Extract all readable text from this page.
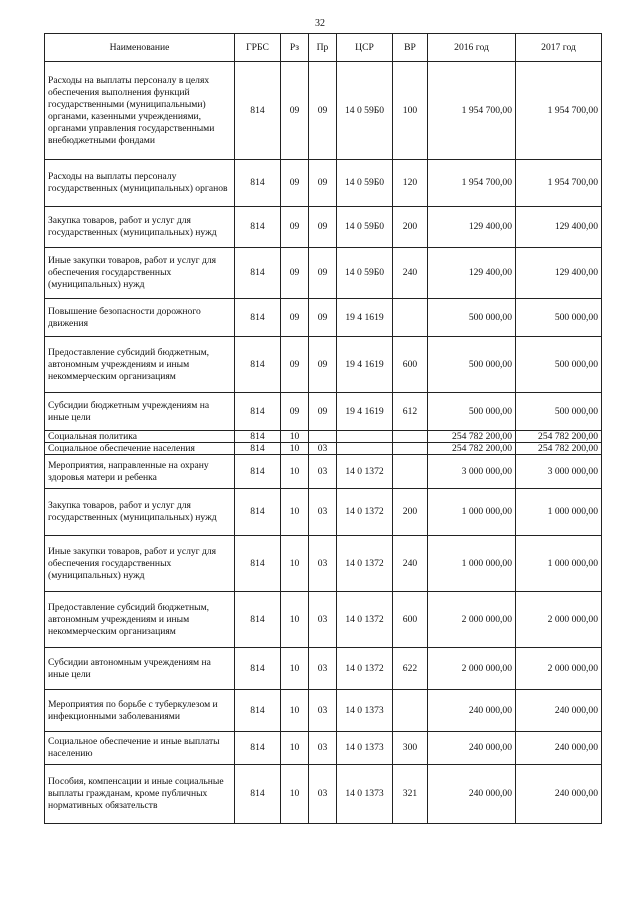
32
Наименование	ГРБС	Рз	Пр	ЦСР	ВР	2016 год	2017 год
Расходы на выплаты персоналу в целях обеспечения выполнения функций государственными (муниципальными) органами, казенными учреждениями, органами управления государственными внебюджетными фондами	814	09	09	14 0 59Б0	100	1 954 700,00	1 954 700,00
Расходы на выплаты персоналу государственных (муниципальных) органов	814	09	09	14 0 59Б0	120	1 954 700,00	1 954 700,00
Закупка товаров, работ и услуг для государственных (муниципальных) нужд	814	09	09	14 0 59Б0	200	129 400,00	129 400,00
Иные закупки товаров, работ и услуг для обеспечения государственных (муниципальных) нужд	814	09	09	14 0 59Б0	240	129 400,00	129 400,00
Повышение безопасности дорожного движения	814	09	09	19 4 1619		500 000,00	500 000,00
Предоставление субсидий бюджетным, автономным учреждениям и иным некоммерческим организациям	814	09	09	19 4 1619	600	500 000,00	500 000,00
Субсидии бюджетным учреждениям на иные цели	814	09	09	19 4 1619	612	500 000,00	500 000,00
Социальная политика	814	10				254 782 200,00	254 782 200,00
Социальное обеспечение населения	814	10	03			254 782 200,00	254 782 200,00
Мероприятия, направленные на охрану здоровья матери и ребенка	814	10	03	14 0 1372		3 000 000,00	3 000 000,00
Закупка товаров, работ и услуг для государственных (муниципальных) нужд	814	10	03	14 0 1372	200	1 000 000,00	1 000 000,00
Иные закупки товаров, работ и услуг для обеспечения государственных (муниципальных) нужд	814	10	03	14 0 1372	240	1 000 000,00	1 000 000,00
Предоставление субсидий бюджетным, автономным учреждениям и иным некоммерческим организациям	814	10	03	14 0 1372	600	2 000 000,00	2 000 000,00
Субсидии автономным учреждениям на иные цели	814	10	03	14 0 1372	622	2 000 000,00	2 000 000,00
Мероприятия по борьбе с туберкулезом и инфекционными заболеваниями	814	10	03	14 0 1373		240 000,00	240 000,00
Социальное обеспечение и иные выплаты населению	814	10	03	14 0 1373	300	240 000,00	240 000,00
Пособия, компенсации и иные социальные выплаты гражданам, кроме публичных нормативных обязательств	814	10	03	14 0 1373	321	240 000,00	240 000,00
